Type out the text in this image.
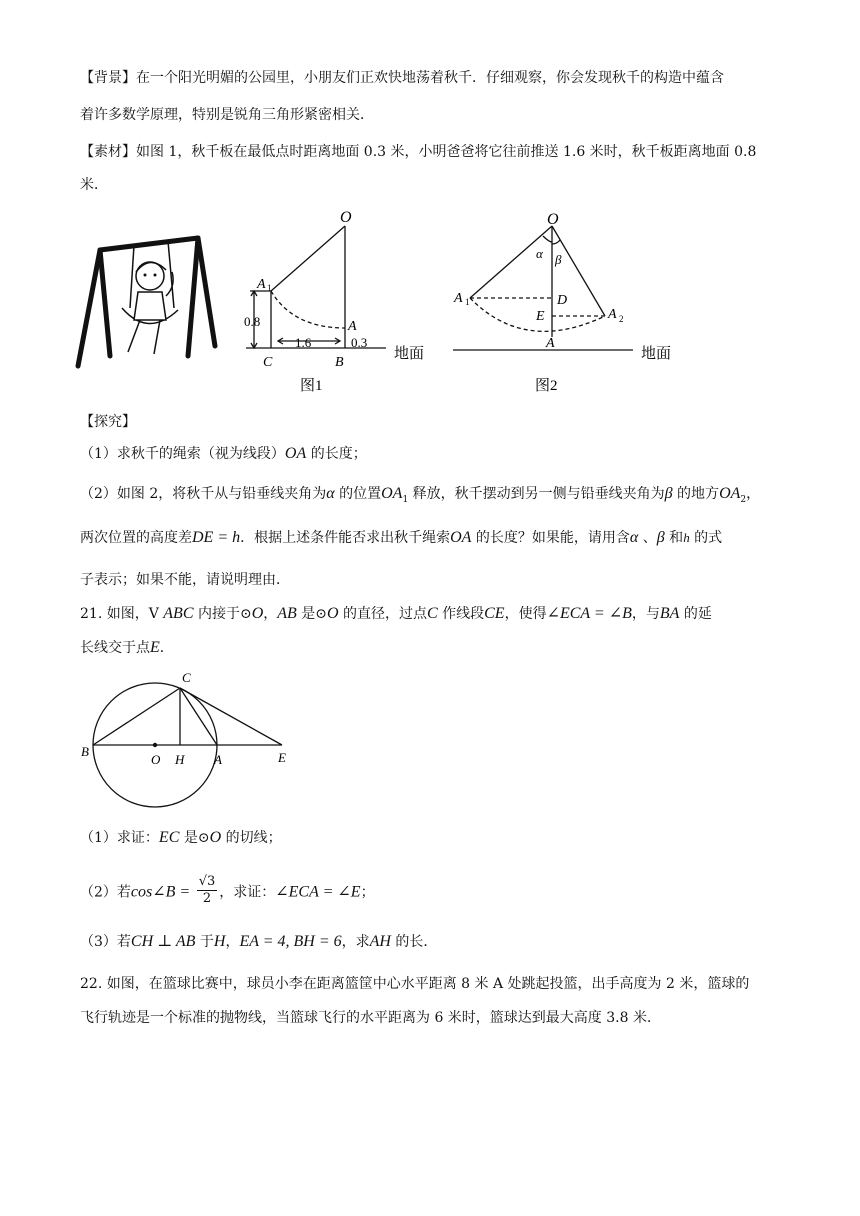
【背景】在一个阳光明媚的公园里，小朋友们正欢快地荡着秋千．仔细观察，你会发现秋千的构造中蕴含
着许多数学原理，特别是锐角三角形紧密相关．
【素材】如图 1，秋千板在最低点时距离地面 0.3 米，小明爸爸将它往前推送 1.6 米时，秋千板距离地面 0.8
米．
O
A 1
A
C	B
0.8
1.6	0.3
地面
图1
O
α β
A 1	D
E	A 2
A
地面
图2
【探究】
（1）求秋千的绳索（视为线段）OA 的长度；
（2）如图 2，将秋千从与铅垂线夹角为α 的位置$OA_1$ 释放，秋千摆动到另一侧与铅垂线夹角为β 的地方$OA_2$，
两次位置的高度差DE = h．根据上述条件能否求出秋千绳索OA 的长度？如果能，请用含α 、β 和h 的式
子表示；如果不能，请说明理由．
21. 如图，V ABC 内接于⊙O，AB 是⊙O 的直径，过点C 作线段CE，使得∠ECA = ∠B，与BA 的延
长线交于点E．
C
B
O H A	E
（1）求证：EC 是⊙O 的切线；
（2）若cos∠B = $\frac{√3}{2}$ ，求证：∠ECA = ∠E；
（3）若CH ⊥ AB 于H，EA = 4, BH = 6，求AH 的长．
22. 如图，在篮球比赛中，球员小李在距离篮筐中心水平距离 8 米 A 处跳起投篮，出手高度为 2 米，篮球的
飞行轨迹是一个标准的抛物线，当篮球飞行的水平距离为 6 米时，篮球达到最大高度 3.8 米．
